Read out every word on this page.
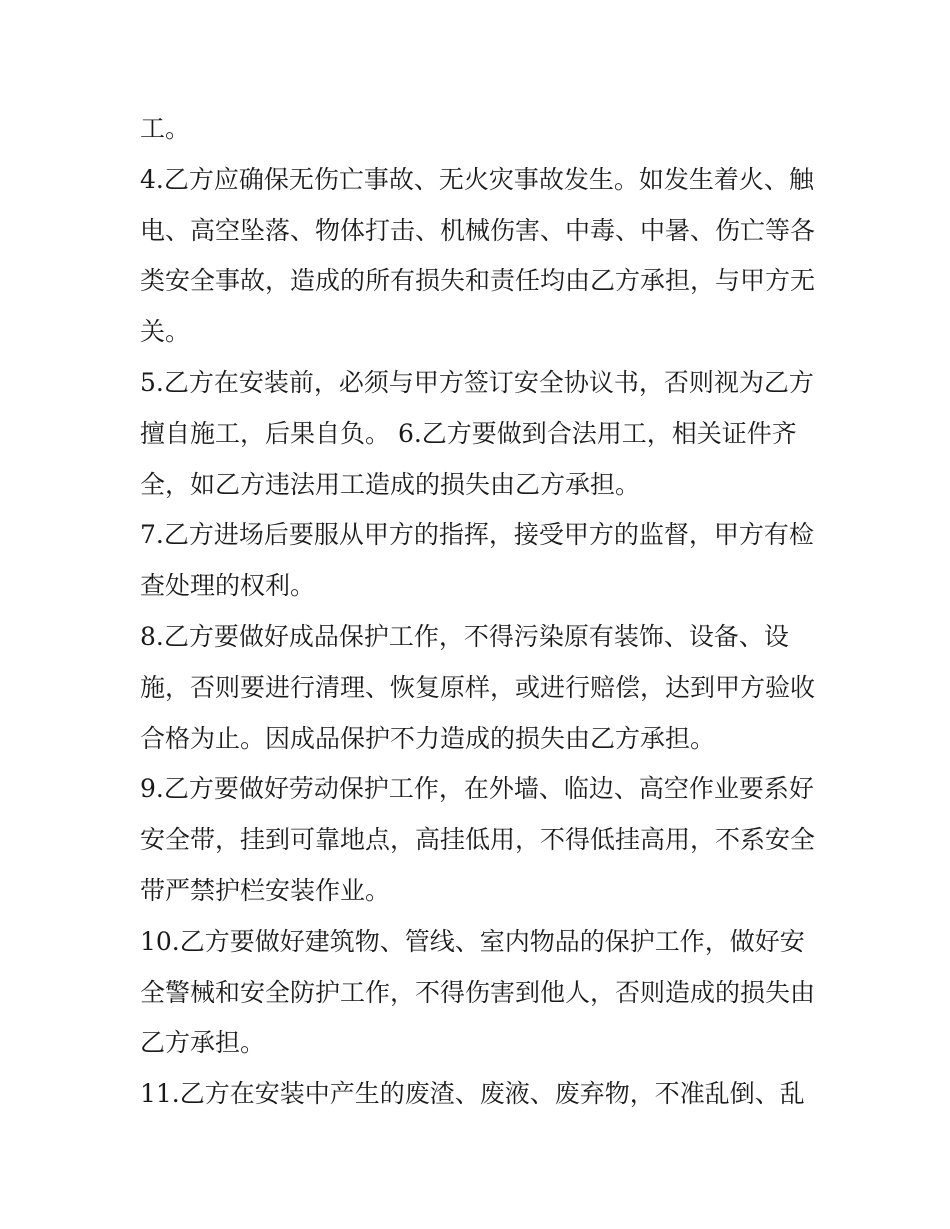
工。
4.乙方应确保无伤亡事故、无火灾事故发生。如发生着火、触
电、高空坠落、物体打击、机械伤害、中毒、中暑、伤亡等各
类安全事故，造成的所有损失和责任均由乙方承担，与甲方无
关。
5.乙方在安装前，必须与甲方签订安全协议书，否则视为乙方
擅自施工，后果自负。 6.乙方要做到合法用工，相关证件齐
全，如乙方违法用工造成的损失由乙方承担。
7.乙方进场后要服从甲方的指挥，接受甲方的监督，甲方有检
查处理的权利。
8.乙方要做好成品保护工作，不得污染原有装饰、设备、设
施，否则要进行清理、恢复原样，或进行赔偿，达到甲方验收
合格为止。因成品保护不力造成的损失由乙方承担。
9.乙方要做好劳动保护工作，在外墙、临边、高空作业要系好
安全带，挂到可靠地点，高挂低用，不得低挂高用，不系安全
带严禁护栏安装作业。
10.乙方要做好建筑物、管线、室内物品的保护工作，做好安
全警械和安全防护工作，不得伤害到他人，否则造成的损失由
乙方承担。
11.乙方在安装中产生的废渣、废液、废弃物，不准乱倒、乱
